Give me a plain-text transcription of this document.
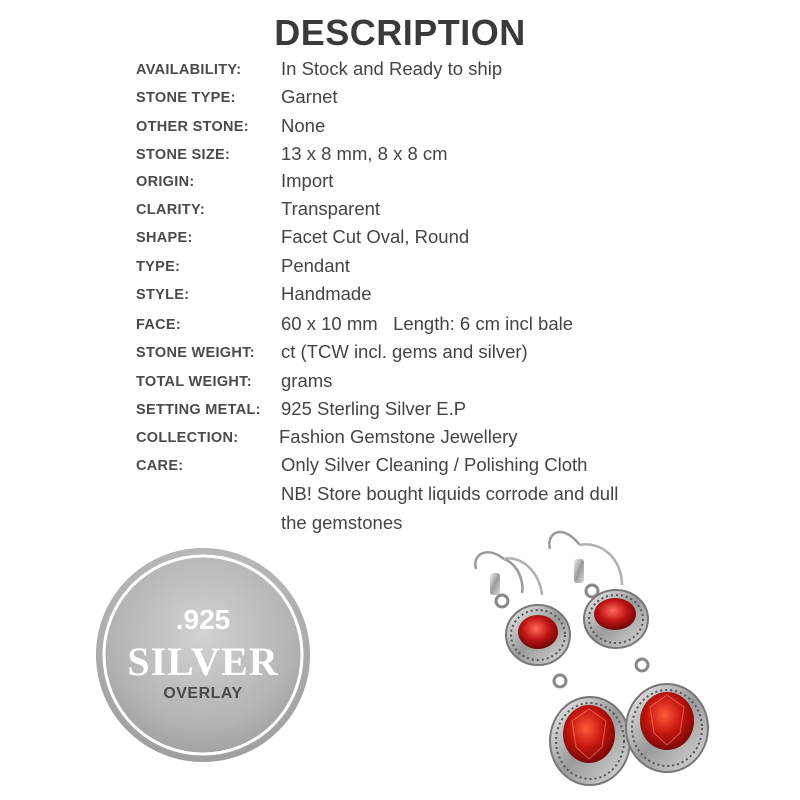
DESCRIPTION
AVAILABILITY: In Stock and Ready to ship
STONE TYPE: Garnet
OTHER STONE: None
STONE SIZE:	13 x 8 mm, 8 x 8 cm
ORIGIN:	Import
CLARITY:	Transparent
SHAPE:	Facet Cut Oval, Round
TYPE:	Pendant
STYLE:	Handmade
FACE:	60 x 10 mm   Length: 6 cm incl bale
STONE WEIGHT: ct (TCW incl. gems and silver)
TOTAL WEIGHT: grams
SETTING METAL: 925 Sterling Silver E.P
COLLECTION: Fashion Gemstone Jewellery
CARE:	Only Silver Cleaning / Polishing Cloth
NB! Store bought liquids corrode and dull
the gemstones
.925
SILVER
OVERLAY
